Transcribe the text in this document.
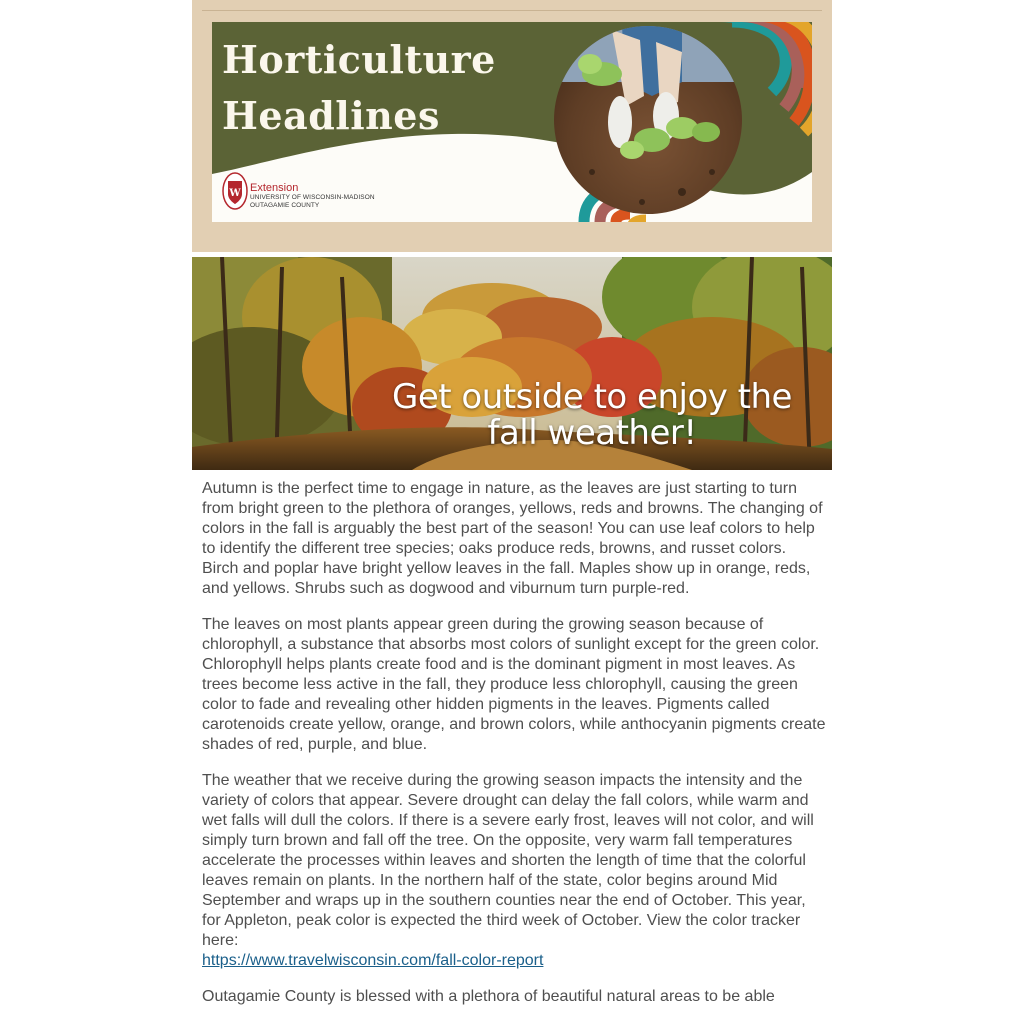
Horticulture
Headlines
W Extension
UNIVERSITY OF WISCONSIN-MADISON
OUTAGAMIE COUNTY
Get outside to enjoy the
fall weather!

Autumn is the perfect time to engage in nature, as the leaves are just starting to turn from bright green to the plethora of oranges, yellows, reds and browns. The changing of colors in the fall is arguably the best part of the season! You can use leaf colors to help to identify the different tree species; oaks produce reds, browns, and russet colors. Birch and poplar have bright yellow leaves in the fall. Maples show up in orange, reds, and yellows. Shrubs such as dogwood and viburnum turn purple-red.

The leaves on most plants appear green during the growing season because of chlorophyll, a substance that absorbs most colors of sunlight except for the green color. Chlorophyll helps plants create food and is the dominant pigment in most leaves. As trees become less active in the fall, they produce less chlorophyll, causing the green color to fade and revealing other hidden pigments in the leaves. Pigments called carotenoids create yellow, orange, and brown colors, while anthocyanin pigments create shades of red, purple, and blue.

The weather that we receive during the growing season impacts the intensity and the variety of colors that appear. Severe drought can delay the fall colors, while warm and wet falls will dull the colors. If there is a severe early frost, leaves will not color, and will simply turn brown and fall off the tree. On the opposite, very warm fall temperatures accelerate the processes within leaves and shorten the length of time that the colorful leaves remain on plants. In the northern half of the state, color begins around Mid September and wraps up in the southern counties near the end of October. This year, for Appleton, peak color is expected the third week of October. View the color tracker here:
https://www.travelwisconsin.com/fall-color-report

Outagamie County is blessed with a plethora of beautiful natural areas to be able
